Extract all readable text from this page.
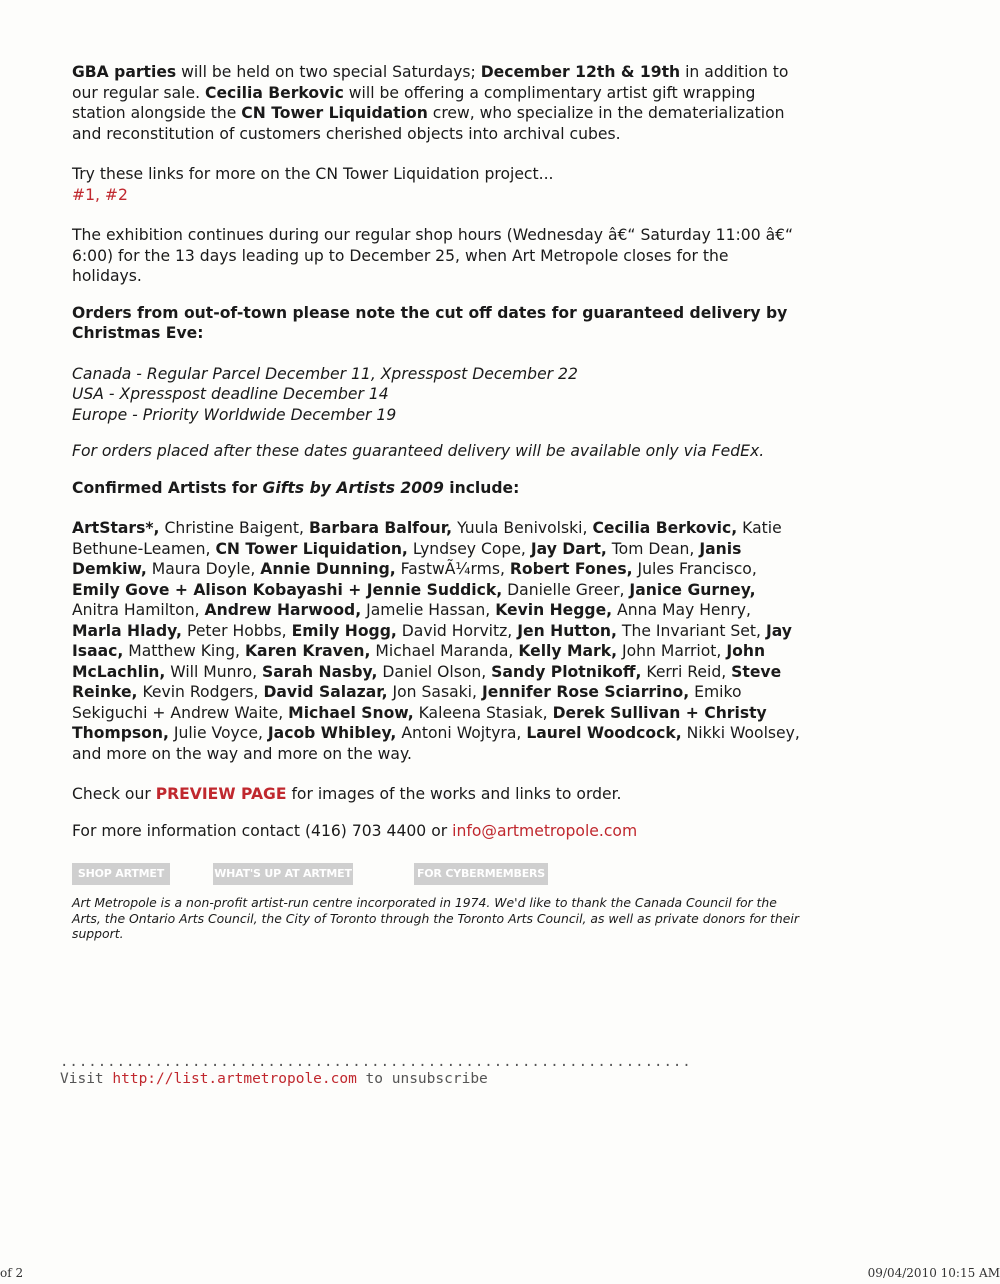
GBA parties will be held on two special Saturdays; December 12th & 19th in addition to our regular sale. Cecilia Berkovic will be offering a complimentary artist gift wrapping station alongside the CN Tower Liquidation crew, who specialize in the dematerialization and reconstitution of customers cherished objects into archival cubes.

Try these links for more on the CN Tower Liquidation project...
#1, #2

The exhibition continues during our regular shop hours (Wednesday â€“ Saturday 11:00 â€“ 6:00) for the 13 days leading up to December 25, when Art Metropole closes for the holidays.

Orders from out-of-town please note the cut off dates for guaranteed delivery by Christmas Eve:

Canada - Regular Parcel December 11, Xpresspost December 22
USA - Xpresspost deadline December 14
Europe - Priority Worldwide December 19

For orders placed after these dates guaranteed delivery will be available only via FedEx.

Confirmed Artists for Gifts by Artists 2009 include:

ArtStars*, Christine Baigent, Barbara Balfour, Yuula Benivolski, Cecilia Berkovic, Katie Bethune-Leamen, CN Tower Liquidation, Lyndsey Cope, Jay Dart, Tom Dean, Janis Demkiw, Maura Doyle, Annie Dunning, FastwÃ¼rms, Robert Fones, Jules Francisco, Emily Gove + Alison Kobayashi + Jennie Suddick, Danielle Greer, Janice Gurney, Anitra Hamilton, Andrew Harwood, Jamelie Hassan, Kevin Hegge, Anna May Henry, Marla Hlady, Peter Hobbs, Emily Hogg, David Horvitz, Jen Hutton, The Invariant Set, Jay Isaac, Matthew King, Karen Kraven, Michael Maranda, Kelly Mark, John Marriot, John McLachlin, Will Munro, Sarah Nasby, Daniel Olson, Sandy Plotnikoff, Kerri Reid, Steve Reinke, Kevin Rodgers, David Salazar, Jon Sasaki, Jennifer Rose Sciarrino, Emiko Sekiguchi + Andrew Waite, Michael Snow, Kaleena Stasiak, Derek Sullivan + Christy Thompson, Julie Voyce, Jacob Whibley, Antoni Wojtyra, Laurel Woodcock, Nikki Woolsey, and more on the way and more on the way.

Check our PREVIEW PAGE for images of the works and links to order.

For more information contact (416) 703 4400 or info@artmetropole.com

SHOP ARTMET	WHAT'S UP AT ARTMET	FOR CYBERMEMBERS

Art Metropole is a non-profit artist-run centre incorporated in 1974. We'd like to thank the Canada Council for the Arts, the Ontario Arts Council, the City of Toronto through the Toronto Arts Council, as well as private donors for their support.

...................................................................
Visit http://list.artmetropole.com to unsubscribe
of 2	09/04/2010 10:15 AM
